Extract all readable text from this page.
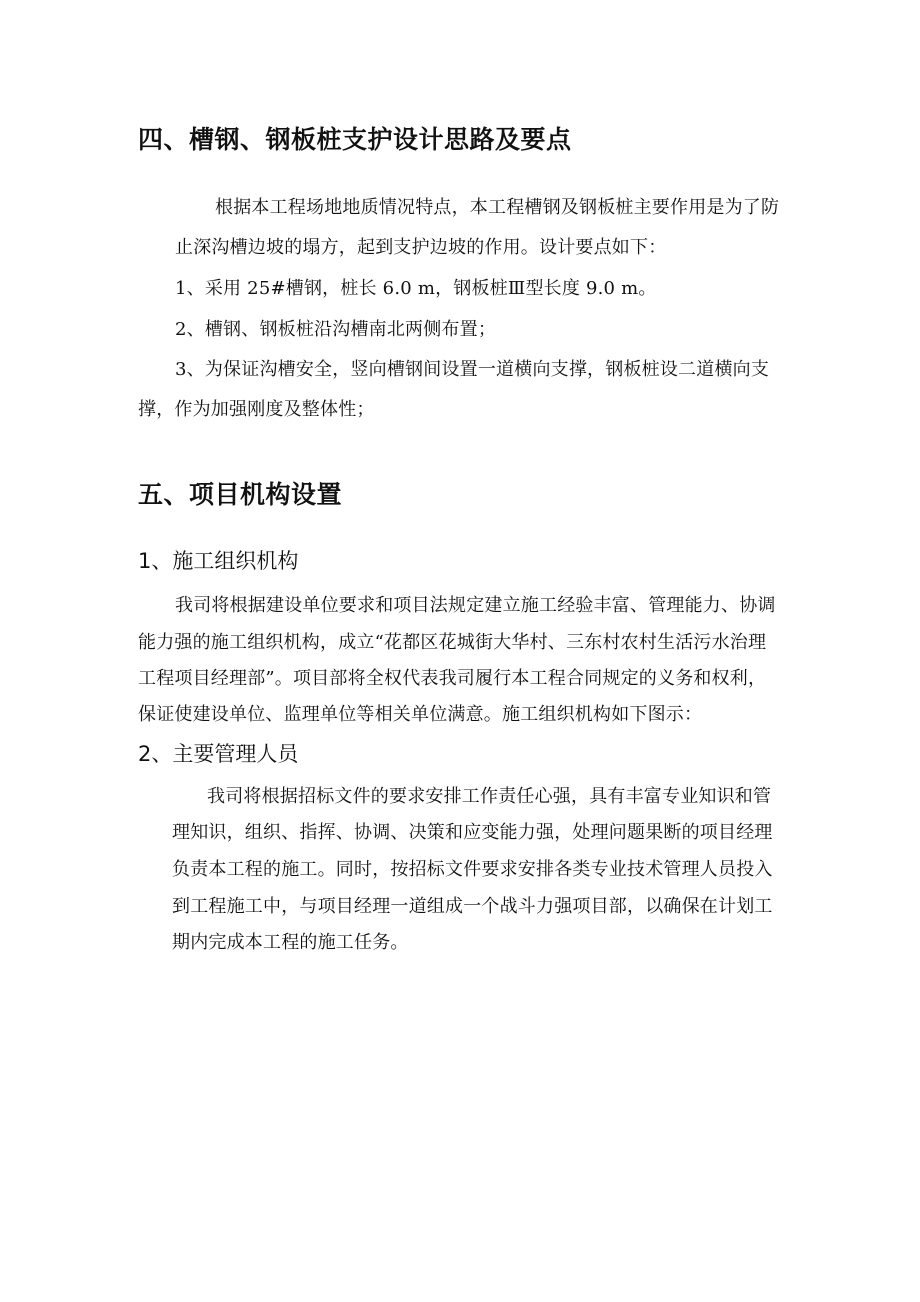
四、槽钢、钢板桩支护设计思路及要点
根据本工程场地地质情况特点，本工程槽钢及钢板桩主要作用是为了防
止深沟槽边坡的塌方，起到支护边坡的作用。设计要点如下：
1、采用 25#槽钢，桩长 6.0 m，钢板桩Ⅲ型长度 9.0 m。
2、槽钢、钢板桩沿沟槽南北两侧布置；
3、为保证沟槽安全，竖向槽钢间设置一道横向支撑，钢板桩设二道横向支
撑，作为加强刚度及整体性；
五、项目机构设置
1、施工组织机构
我司将根据建设单位要求和项目法规定建立施工经验丰富、管理能力、协调
能力强的施工组织机构，成立“花都区花城街大华村、三东村农村生活污水治理
工程项目经理部”。项目部将全权代表我司履行本工程合同规定的义务和权利，
保证使建设单位、监理单位等相关单位满意。施工组织机构如下图示：
2、主要管理人员
我司将根据招标文件的要求安排工作责任心强，具有丰富专业知识和管
理知识，组织、指挥、协调、决策和应变能力强，处理问题果断的项目经理
负责本工程的施工。同时，按招标文件要求安排各类专业技术管理人员投入
到工程施工中，与项目经理一道组成一个战斗力强项目部，以确保在计划工
期内完成本工程的施工任务。
